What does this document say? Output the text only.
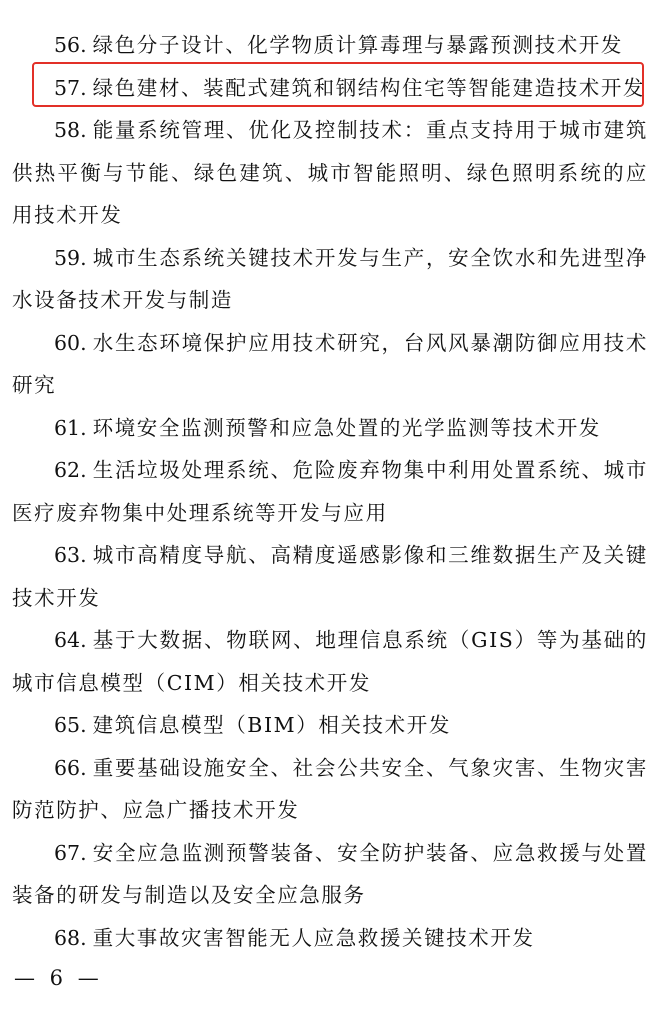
56. 绿色分子设计、化学物质计算毒理与暴露预测技术开发

57. 绿色建材、装配式建筑和钢结构住宅等智能建造技术开发

58. 能量系统管理、优化及控制技术：重点支持用于城市建筑供热平衡与节能、绿色建筑、城市智能照明、绿色照明系统的应用技术开发

59. 城市生态系统关键技术开发与生产，安全饮水和先进型净水设备技术开发与制造

60. 水生态环境保护应用技术研究，台风风暴潮防御应用技术研究

61. 环境安全监测预警和应急处置的光学监测等技术开发

62. 生活垃圾处理系统、危险废弃物集中利用处置系统、城市医疗废弃物集中处理系统等开发与应用

63. 城市高精度导航、高精度遥感影像和三维数据生产及关键技术开发

64. 基于大数据、物联网、地理信息系统（GIS）等为基础的城市信息模型（CIM）相关技术开发

65. 建筑信息模型（BIM）相关技术开发

66. 重要基础设施安全、社会公共安全、气象灾害、生物灾害防范防护、应急广播技术开发

67. 安全应急监测预警装备、安全防护装备、应急救援与处置装备的研发与制造以及安全应急服务

68. 重大事故灾害智能无人应急救援关键技术开发

— 6 —
